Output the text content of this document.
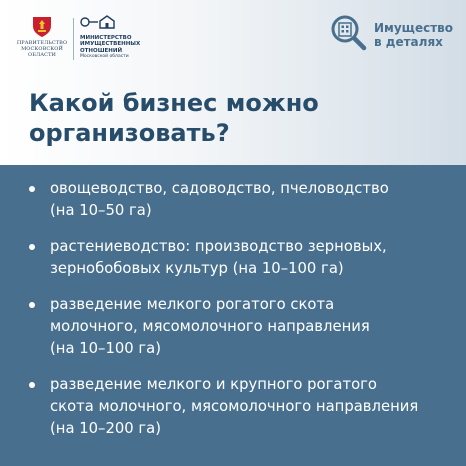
ПРАВИТЕЛЬСТВО
МОСКОВСКОЙ
ОБЛАСТИ
МИНИСТЕРСТВО
ИМУЩЕСТВЕННЫХ
ОТНОШЕНИЙ
Московской области
Имущество
в деталях
Какой бизнес можно
организовать?
овощеводство, садоводство, пчеловодство
(на 10–50 га)
растениеводство: производство зерновых,
зернобобовых культур (на 10–100 га)
разведение мелкого рогатого скота
молочного, мясомолочного направления
(на 10–100 га)
разведение мелкого и крупного рогатого
скота молочного, мясомолочного направления
(на 10–200 га)
